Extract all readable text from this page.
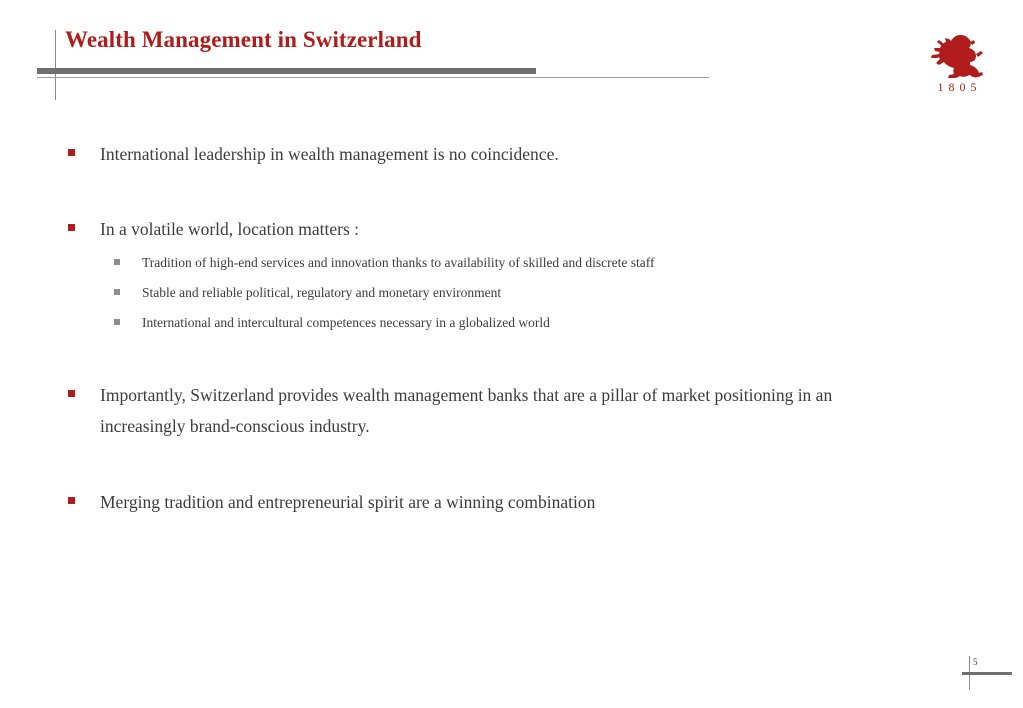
Wealth Management in Switzerland
1805
International leadership in wealth management is no coincidence.
In a volatile world, location matters :
Tradition of high-end services and innovation thanks to availability of skilled and discrete staff
Stable and reliable political, regulatory and monetary environment
International and intercultural competences necessary in a globalized world
Importantly, Switzerland provides wealth management banks that are a pillar of market positioning in an increasingly brand-conscious industry.
Merging tradition and entrepreneurial spirit are a winning combination
5
